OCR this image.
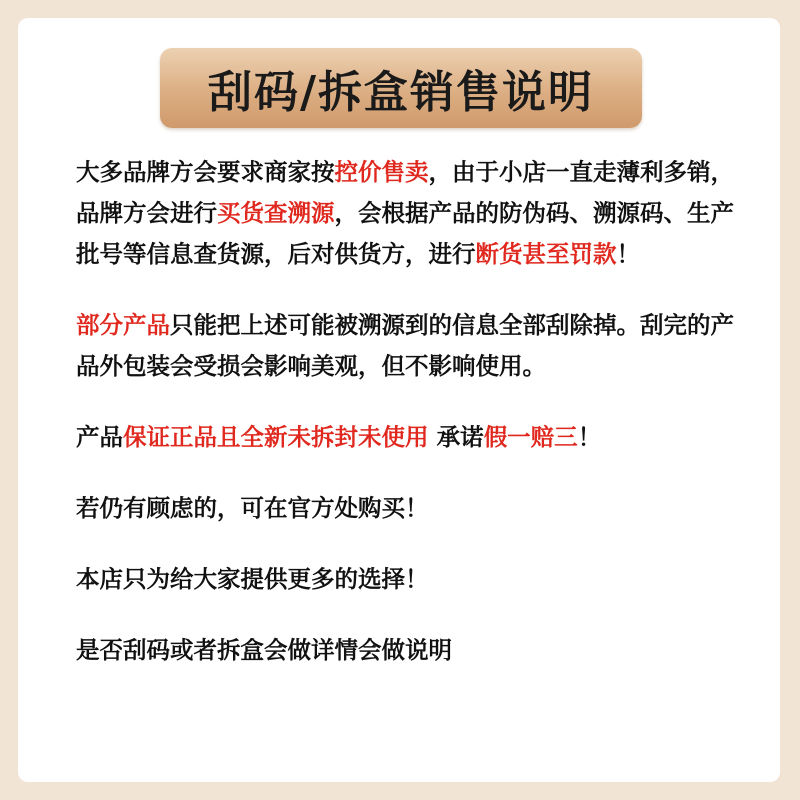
刮码/拆盒销售说明

大多品牌方会要求商家按控价售卖，由于小店一直走薄利多销，品牌方会进行买货查溯源，会根据产品的防伪码、溯源码、生产批号等信息查货源，后对供货方，进行断货甚至罚款！

部分产品只能把上述可能被溯源到的信息全部刮除掉。刮完的产品外包装会受损会影响美观，但不影响使用。

产品保证正品且全新未拆封未使用 承诺假一赔三！

若仍有顾虑的，可在官方处购买！

本店只为给大家提供更多的选择！

是否刮码或者拆盒会做详情会做说明
